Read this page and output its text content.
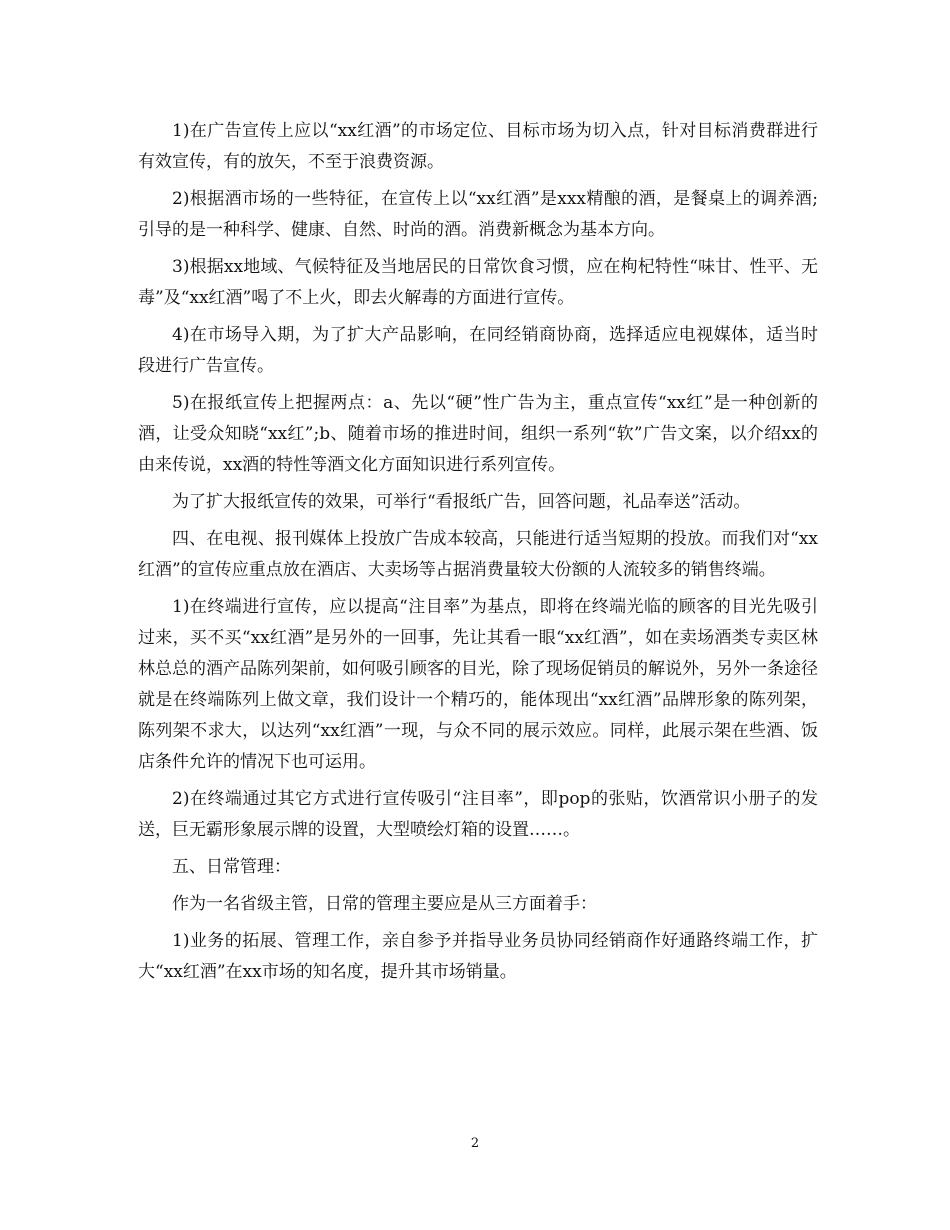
1)在广告宣传上应以“xx红酒”的市场定位、目标市场为切入点，针对目标消费群进行有效宣传，有的放矢，不至于浪费资源。

2)根据酒市场的一些特征，在宣传上以“xx红酒”是xxx精酿的酒，是餐桌上的调养酒;引导的是一种科学、健康、自然、时尚的酒。消费新概念为基本方向。

3)根据xx地域、气候特征及当地居民的日常饮食习惯，应在枸杞特性“味甘、性平、无毒”及“xx红酒”喝了不上火，即去火解毒的方面进行宣传。

4)在市场导入期，为了扩大产品影响，在同经销商协商，选择适应电视媒体，适当时段进行广告宣传。

5)在报纸宣传上把握两点：a、先以“硬”性广告为主，重点宣传“xx红”是一种创新的酒，让受众知晓“xx红”;b、随着市场的推进时间，组织一系列“软”广告文案，以介绍xx的由来传说，xx酒的特性等酒文化方面知识进行系列宣传。

为了扩大报纸宣传的效果，可举行“看报纸广告，回答问题，礼品奉送”活动。

四、在电视、报刊媒体上投放广告成本较高，只能进行适当短期的投放。而我们对“xx红酒”的宣传应重点放在酒店、大卖场等占据消费量较大份额的人流较多的销售终端。

1)在终端进行宣传，应以提高“注目率”为基点，即将在终端光临的顾客的目光先吸引过来，买不买“xx红酒”是另外的一回事，先让其看一眼“xx红酒”，如在卖场酒类专卖区林林总总的酒产品陈列架前，如何吸引顾客的目光，除了现场促销员的解说外，另外一条途径就是在终端陈列上做文章，我们设计一个精巧的，能体现出“xx红酒”品牌形象的陈列架，陈列架不求大，以达列“xx红酒”一现，与众不同的展示效应。同样，此展示架在些酒、饭店条件允许的情况下也可运用。

2)在终端通过其它方式进行宣传吸引“注目率”，即pop的张贴，饮酒常识小册子的发送，巨无霸形象展示牌的设置，大型喷绘灯箱的设置……。

五、日常管理：

作为一名省级主管，日常的管理主要应是从三方面着手：

1)业务的拓展、管理工作，亲自参予并指导业务员协同经销商作好通路终端工作，扩大“xx红酒”在xx市场的知名度，提升其市场销量。

2
